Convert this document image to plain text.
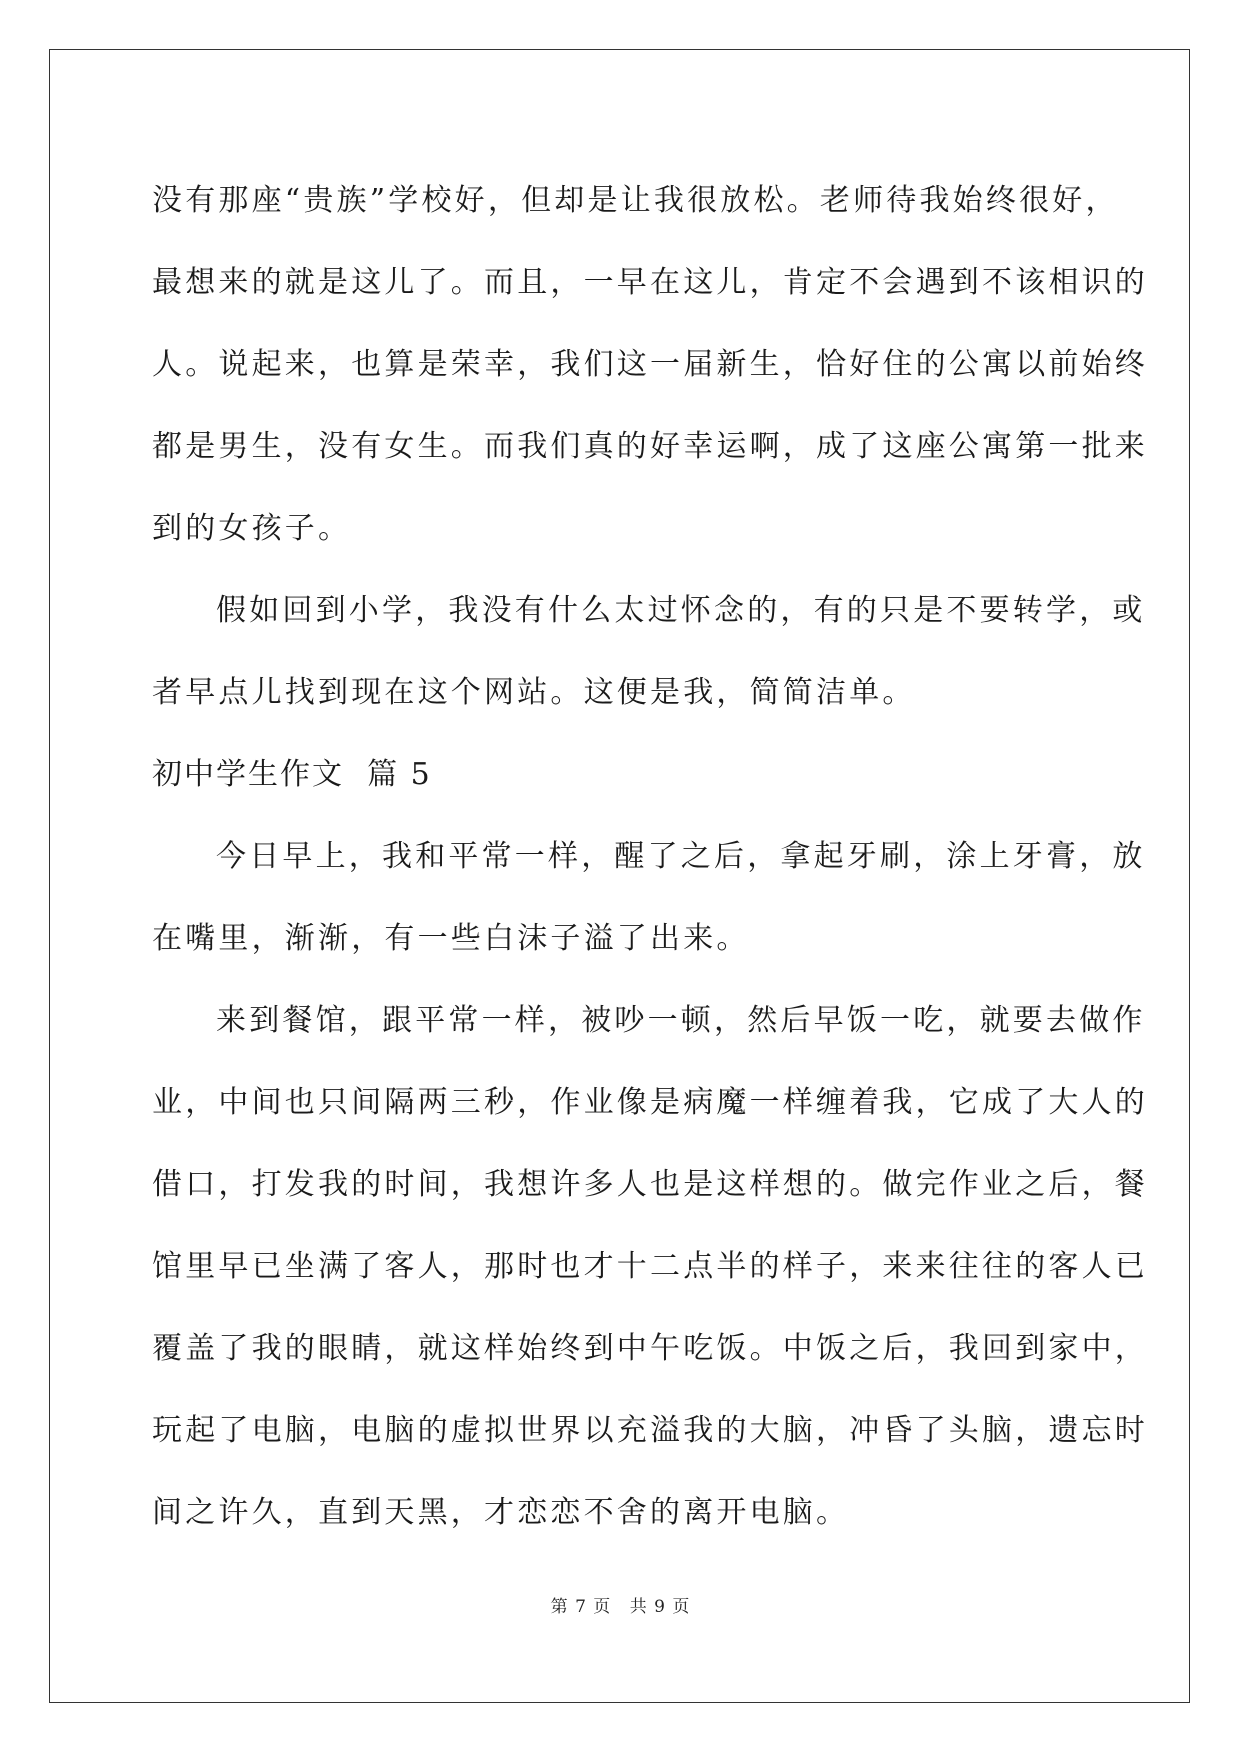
没有那座“贵族”学校好，但却是让我很放松。老师待我始终很好，
最想来的就是这儿了。而且，一早在这儿，肯定不会遇到不该相识的
人。说起来，也算是荣幸，我们这一届新生，恰好住的公寓以前始终
都是男生，没有女生。而我们真的好幸运啊，成了这座公寓第一批来
到的女孩子。

假如回到小学，我没有什么太过怀念的，有的只是不要转学，或
者早点儿找到现在这个网站。这便是我，简简洁单。

初中学生作文  篇 5

今日早上，我和平常一样，醒了之后，拿起牙刷，涂上牙膏，放
在嘴里，渐渐，有一些白沫子溢了出来。

来到餐馆，跟平常一样，被吵一顿，然后早饭一吃，就要去做作
业，中间也只间隔两三秒，作业像是病魔一样缠着我，它成了大人的
借口，打发我的时间，我想许多人也是这样想的。做完作业之后，餐
馆里早已坐满了客人，那时也才十二点半的样子，来来往往的客人已
覆盖了我的眼睛，就这样始终到中午吃饭。中饭之后，我回到家中，
玩起了电脑，电脑的虚拟世界以充溢我的大脑，冲昏了头脑，遗忘时
间之许久，直到天黑，才恋恋不舍的离开电脑。

第 7 页 共 9 页
